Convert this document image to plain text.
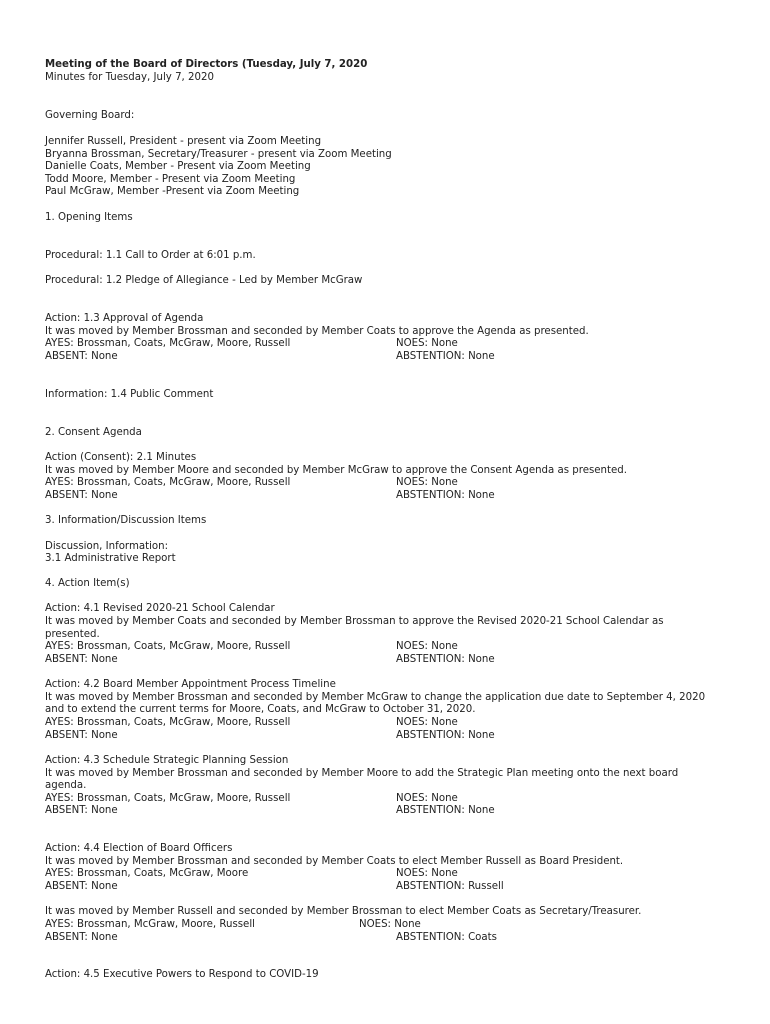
Meeting of the Board of Directors (Tuesday, July 7, 2020
Minutes for Tuesday, July 7, 2020
Governing Board:
Jennifer Russell, President - present via Zoom Meeting
Bryanna Brossman, Secretary/Treasurer - present via Zoom Meeting
Danielle Coats, Member - Present via Zoom Meeting
Todd Moore, Member - Present via Zoom Meeting
Paul McGraw, Member -Present via Zoom Meeting
1. Opening Items
Procedural: 1.1 Call to Order at 6:01 p.m.
Procedural: 1.2 Pledge of Allegiance - Led by Member McGraw
Action: 1.3 Approval of Agenda
It was moved by Member Brossman and seconded by Member Coats to approve the Agenda as presented.
AYES: Brossman, Coats, McGraw, Moore, Russell	NOES: None
ABSENT: None	ABSTENTION: None
Information: 1.4 Public Comment
2. Consent Agenda
Action (Consent): 2.1 Minutes
It was moved by Member Moore and seconded by Member McGraw to approve the Consent Agenda as presented.
AYES: Brossman, Coats, McGraw, Moore, Russell	NOES: None
ABSENT: None	ABSTENTION: None
3. Information/Discussion Items
Discussion, Information:
3.1 Administrative Report
4. Action Item(s)
Action: 4.1 Revised 2020-21 School Calendar
It was moved by Member Coats and seconded by Member Brossman to approve the Revised 2020-21 School Calendar as
presented.
AYES: Brossman, Coats, McGraw, Moore, Russell	NOES: None
ABSENT: None	ABSTENTION: None
Action: 4.2 Board Member Appointment Process Timeline
It was moved by Member Brossman and seconded by Member McGraw to change the application due date to September 4, 2020
and to extend the current terms for Moore, Coats, and McGraw to October 31, 2020.
AYES: Brossman, Coats, McGraw, Moore, Russell	NOES: None
ABSENT: None	ABSTENTION: None
Action: 4.3 Schedule Strategic Planning Session
It was moved by Member Brossman and seconded by Member Moore to add the Strategic Plan meeting onto the next board
agenda.
AYES: Brossman, Coats, McGraw, Moore, Russell	NOES: None
ABSENT: None	ABSTENTION: None
Action: 4.4 Election of Board Officers
It was moved by Member Brossman and seconded by Member Coats to elect Member Russell as Board President.
AYES: Brossman, Coats, McGraw, Moore	NOES: None
ABSENT: None	ABSTENTION: Russell
It was moved by Member Russell and seconded by Member Brossman to elect Member Coats as Secretary/Treasurer.
AYES: Brossman, McGraw, Moore, Russell	NOES: None
ABSENT: None	ABSTENTION: Coats
Action: 4.5 Executive Powers to Respond to COVID-19
